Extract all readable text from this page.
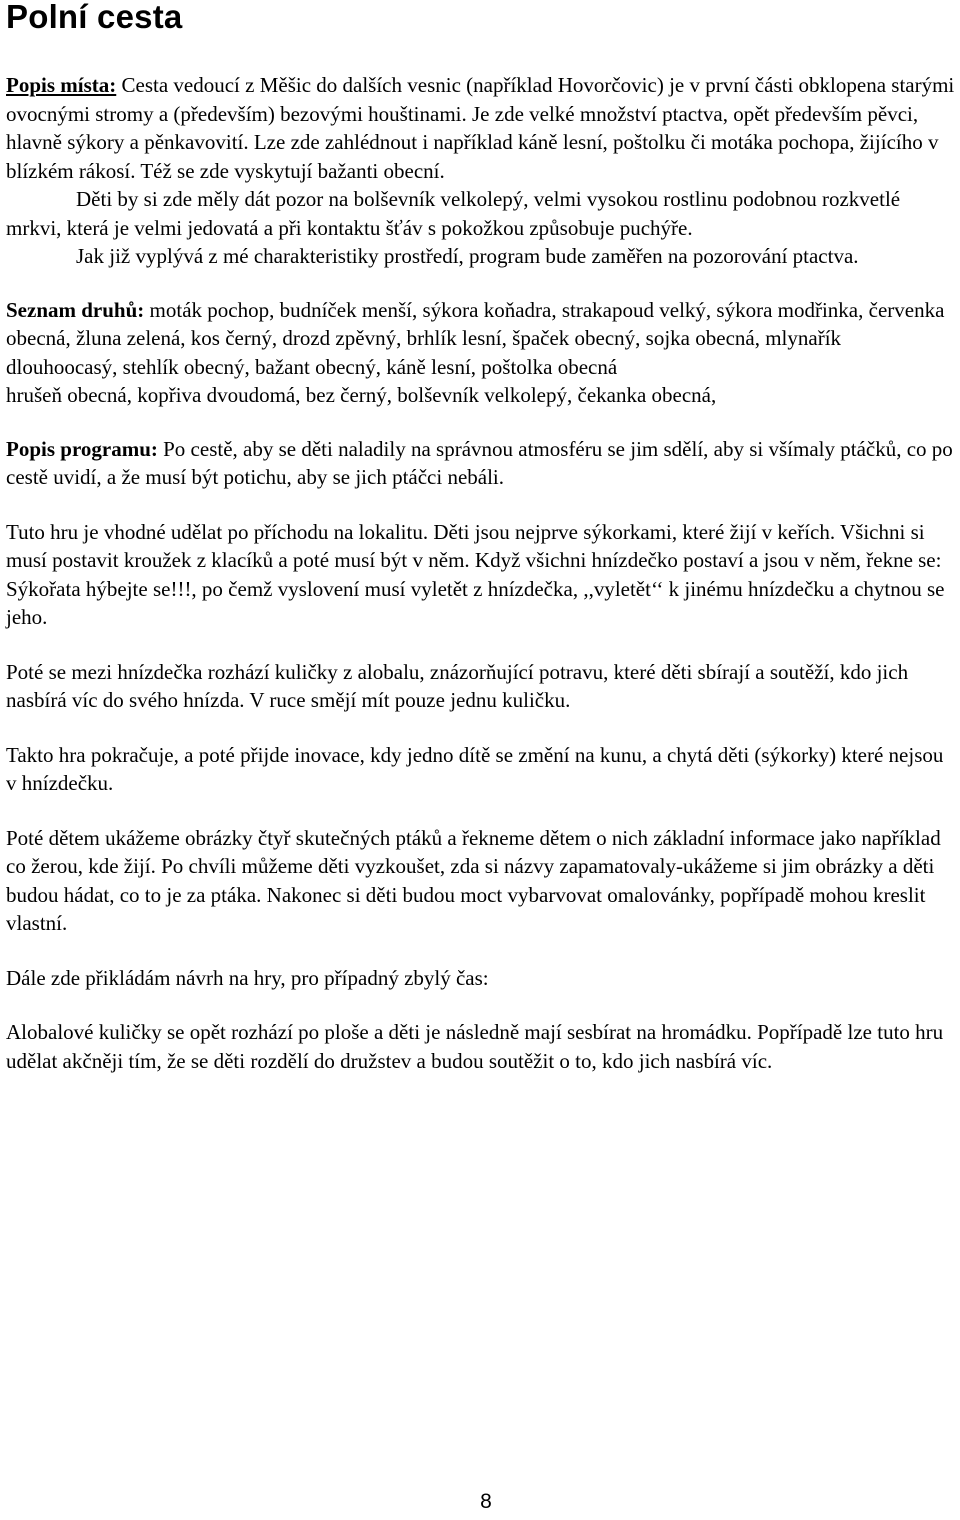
Polní cesta

Popis místa: Cesta vedoucí z Měšic do dalších vesnic (například Hovorčovic) je v první části obklopena starými ovocnými stromy a (především) bezovými houštinami. Je zde velké množství ptactva, opět především pěvci, hlavně sýkory a pěnkavovití. Lze zde zahlédnout i například káně lesní, poštolku či motáka pochopa, žijícího v blízkém rákosí. Též se zde vyskytují bažanti obecní.

Děti by si zde měly dát pozor na bolševník velkolepý, velmi vysokou rostlinu podobnou rozkvetlé mrkvi, která je velmi jedovatá a při kontaktu šťáv s pokožkou způsobuje puchýře.

Jak již vyplývá z mé charakteristiky prostředí, program bude zaměřen na pozorování ptactva.

Seznam druhů: moták pochop, budníček menší, sýkora koňadra, strakapoud velký, sýkora modřinka, červenka obecná, žluna zelená, kos černý, drozd zpěvný, brhlík lesní, špaček obecný, sojka obecná, mlynařík dlouhoocasý, stehlík obecný, bažant obecný, káně lesní, poštolka obecná

hrušeň obecná, kopřiva dvoudomá, bez černý, bolševník velkolepý, čekanka obecná,

Popis programu: Po cestě, aby se děti naladily na správnou atmosféru se jim sdělí, aby si všímaly ptáčků, co po cestě uvidí, a že musí být potichu, aby se jich ptáčci nebáli.

Tuto hru je vhodné udělat po příchodu na lokalitu. Děti jsou nejprve sýkorkami, které žijí v keřích. Všichni si musí postavit kroužek z klacíků a poté musí být v něm. Když všichni hnízdečko postaví a jsou v něm, řekne se: Sýkořata hýbejte se!!!, po čemž vyslovení musí vyletět z hnízdečka, ,,vyletět‘‘ k jinému hnízdečku a chytnou se jeho.

Poté se mezi hnízdečka rozhází kuličky z alobalu, znázorňující potravu, které děti sbírají a soutěží, kdo jich nasbírá víc do svého hnízda. V ruce smějí mít pouze jednu kuličku.

Takto hra pokračuje, a poté přijde inovace, kdy jedno dítě se změní na kunu, a chytá děti (sýkorky) které nejsou v hnízdečku.

Poté dětem ukážeme obrázky čtyř skutečných ptáků a řekneme dětem o nich základní informace jako například co žerou, kde žijí. Po chvíli můžeme děti vyzkoušet, zda si názvy zapamatovaly-ukážeme si jim obrázky a děti budou hádat, co to je za ptáka. Nakonec si děti budou moct vybarvovat omalovánky, popřípadě mohou kreslit vlastní.

Dále zde přikládám návrh na hry, pro případný zbylý čas:

Alobalové kuličky se opět rozhází po ploše a děti je následně mají sesbírat na hromádku. Popřípadě lze tuto hru udělat akčněji tím, že se děti rozdělí do družstev a budou soutěžit o to, kdo jich nasbírá víc.

8
